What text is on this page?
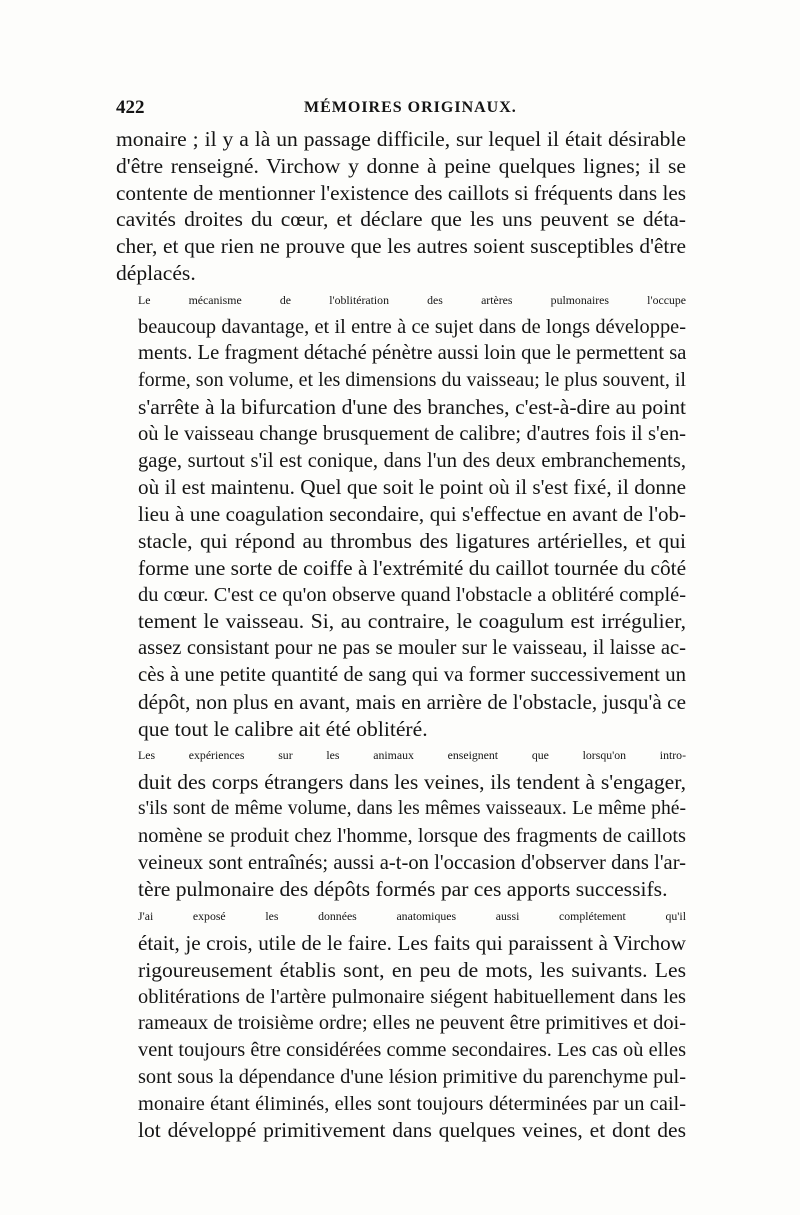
422	MÉMOIRES ORIGINAUX.

monaire ; il y a là un passage difficile, sur lequel il était désirable
d'être renseigné. Virchow y donne à peine quelques lignes; il se
contente de mentionner l'existence des caillots si fréquents dans les
cavités droites du cœur, et déclare que les uns peuvent se déta-
cher, et que rien ne prouve que les autres soient susceptibles d'être
déplacés.

Le mécanisme de l'oblitération des artères pulmonaires l'occupe
beaucoup davantage, et il entre à ce sujet dans de longs développe-
ments. Le fragment détaché pénètre aussi loin que le permettent sa
forme, son volume, et les dimensions du vaisseau; le plus souvent, il
s'arrête à la bifurcation d'une des branches, c'est-à-dire au point
où le vaisseau change brusquement de calibre; d'autres fois il s'en-
gage, surtout s'il est conique, dans l'un des deux embranchements,
où il est maintenu. Quel que soit le point où il s'est fixé, il donne
lieu à une coagulation secondaire, qui s'effectue en avant de l'ob-
stacle, qui répond au thrombus des ligatures artérielles, et qui
forme une sorte de coiffe à l'extrémité du caillot tournée du côté
du cœur. C'est ce qu'on observe quand l'obstacle a oblitéré complé-
tement le vaisseau. Si, au contraire, le coagulum est irrégulier,
assez consistant pour ne pas se mouler sur le vaisseau, il laisse ac-
cès à une petite quantité de sang qui va former successivement un
dépôt, non plus en avant, mais en arrière de l'obstacle, jusqu'à ce
que tout le calibre ait été oblitéré.

Les expériences sur les animaux enseignent que lorsqu'on intro-
duit des corps étrangers dans les veines, ils tendent à s'engager,
s'ils sont de même volume, dans les mêmes vaisseaux. Le même phé-
nomène se produit chez l'homme, lorsque des fragments de caillots
veineux sont entraînés; aussi a-t-on l'occasion d'observer dans l'ar-
tère pulmonaire des dépôts formés par ces apports successifs.

J'ai exposé les données anatomiques aussi complétement qu'il
était, je crois, utile de le faire. Les faits qui paraissent à Virchow
rigoureusement établis sont, en peu de mots, les suivants. Les
oblitérations de l'artère pulmonaire siégent habituellement dans les
rameaux de troisième ordre; elles ne peuvent être primitives et doi-
vent toujours être considérées comme secondaires. Les cas où elles
sont sous la dépendance d'une lésion primitive du parenchyme pul-
monaire étant éliminés, elles sont toujours déterminées par un cail-
lot développé primitivement dans quelques veines, et dont des
